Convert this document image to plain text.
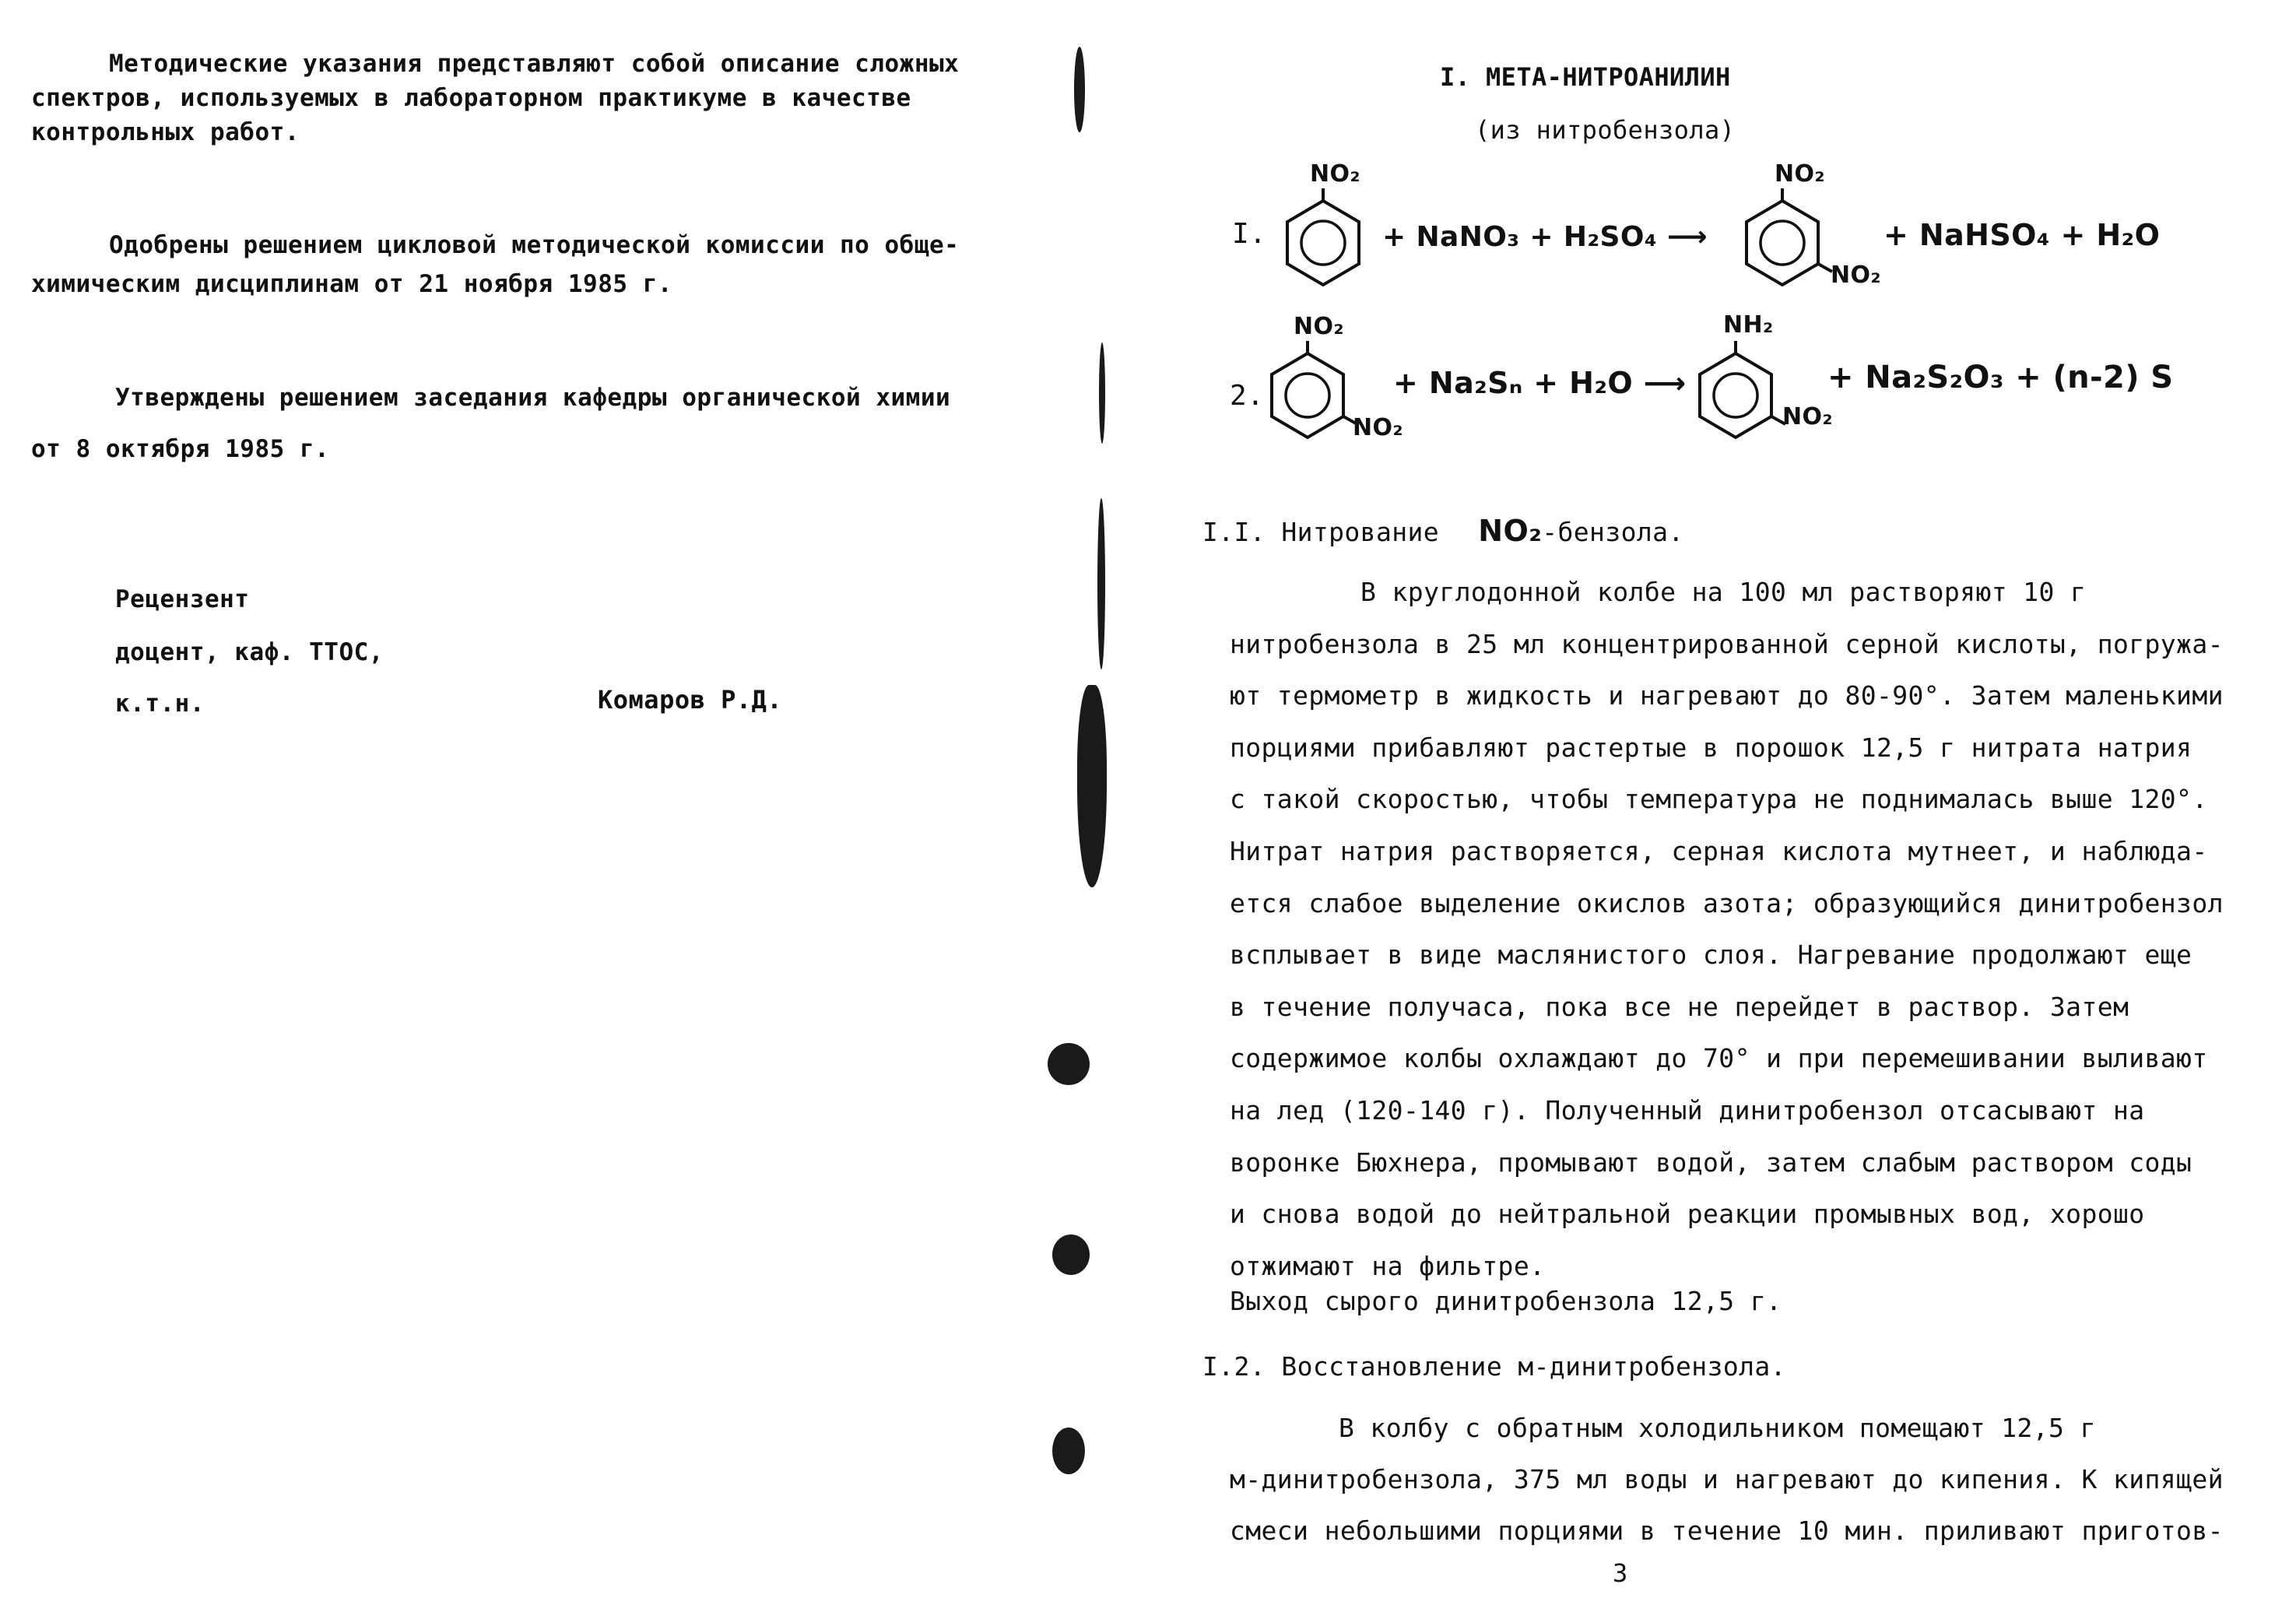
Методические указания представляют собой описание сложных
спектров, используемых в лабораторном практикуме в качестве
контрольных работ.
Одобрены решением цикловой методической комиссии по обще-
химическим дисциплинам от 21 ноября 1985 г.
Утверждены решением заседания кафедры органической химии
от 8 октября 1985 г.
Рецензент
доцент, каф. ТТОС,
к.т.н.	Комаров Р.Д.
I. МЕТА-НИТРОАНИЛИН
(из нитробензола)
I.
NO₂
+ NaNO₃ + H₂SO₄ ⟶
NO₂
NO₂
+ NaHSO₄ + H₂O
2.
NO₂
NO₂
+ Na₂Sₙ + H₂O ⟶
NH₂
NO₂
+ Na₂S₂O₃ + (n-2) S
I.I. Нитрование NO₂-бензола.
В круглодонной колбе на 100 мл растворяют 10 г
нитробензола в 25 мл концентрированной серной кислоты, погружа-
ют термометр в жидкость и нагревают до 80-90°. Затем маленькими
порциями прибавляют растертые в порошок 12,5 г нитрата натрия
с такой скоростью, чтобы температура не поднималась выше 120°.
Нитрат натрия растворяется, серная кислота мутнеет, и наблюда-
ется слабое выделение окислов азота; образующийся динитробензол
всплывает в виде маслянистого слоя. Нагревание продолжают еще
в течение получаса, пока все не перейдет в раствор. Затем
содержимое колбы охлаждают до 70° и при перемешивании выливают
на лед (120-140 г). Полученный динитробензол отсасывают на
воронке Бюхнера, промывают водой, затем слабым раствором соды
и снова водой до нейтральной реакции промывных вод, хорошо
отжимают на фильтре.
Выход сырого динитробензола 12,5 г.
I.2. Восстановление м-динитробензола.
В колбу с обратным холодильником помещают 12,5 г
м-динитробензола, 375 мл воды и нагревают до кипения. К кипящей
смеси небольшими порциями в течение 10 мин. приливают приготов-
3
